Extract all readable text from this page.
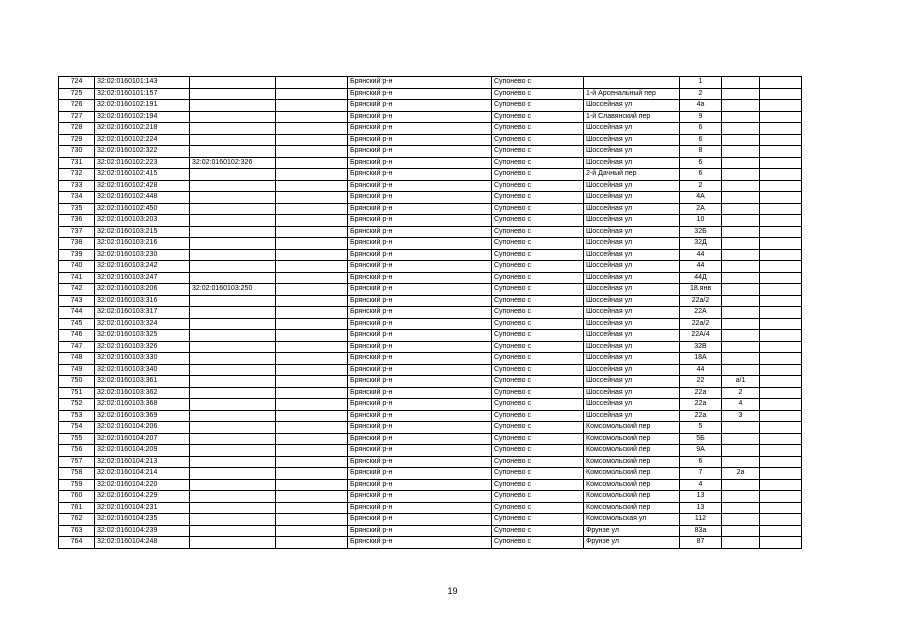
724	32:02:0160101:143			Брянский р-н	Супонево с		1		
725	32:02:0160101:157			Брянский р-н	Супонево с	1-й Арсенальный пер	2		
726	32:02:0160102:191			Брянский р-н	Супонево с	Шоссейная ул	4а		
727	32:02:0160102:194			Брянский р-н	Супонево с	1-й Славянский пер	9		
728	32:02:0160102:218			Брянский р-н	Супонево с	Шоссейная ул	6		
729	32:02:0160102:224			Брянский р-н	Супонево с	Шоссейная ул	6		
730	32:02:0160102:322			Брянский р-н	Супонево с	Шоссейная ул	8		
731	32:02:0160102:223	32:02:0160102:326		Брянский р-н	Супонево с	Шоссейная ул	6		
732	32:02:0160102:415			Брянский р-н	Супонево с	2-й Дачный пер	6		
733	32:02:0160102:428			Брянский р-н	Супонево с	Шоссейная ул	2		
734	32:02:0160102:448			Брянский р-н	Супонево с	Шоссейная ул	4А		
735	32:02:0160102:450			Брянский р-н	Супонево с	Шоссейная ул	2А		
736	32:02:0160103:203			Брянский р-н	Супонево с	Шоссейная ул	10		
737	32:02:0160103:215			Брянский р-н	Супонево с	Шоссейная ул	32Б		
738	32:02:0160103:216			Брянский р-н	Супонево с	Шоссейная ул	32Д		
739	32:02:0160103:230			Брянский р-н	Супонево с	Шоссейная ул	44		
740	32:02:0160103:242			Брянский р-н	Супонево с	Шоссейная ул	44		
741	32:02:0160103:247			Брянский р-н	Супонево с	Шоссейная ул	44Д		
742	32:02:0160103:206	32:02:0160103:250		Брянский р-н	Супонево с	Шоссейная ул	18.янв		
743	32:02:0160103:316			Брянский р-н	Супонево с	Шоссейная ул	22а/2		
744	32:02:0160103:317			Брянский р-н	Супонево с	Шоссейная ул	22А		
745	32:02:0160103:324			Брянский р-н	Супонево с	Шоссейная ул	22а/2		
746	32:02:0160103:325			Брянский р-н	Супонево с	Шоссейная ул	22А/4		
747	32:02:0160103:326			Брянский р-н	Супонево с	Шоссейная ул	32В		
748	32:02:0160103:330			Брянский р-н	Супонево с	Шоссейная ул	18А		
749	32:02:0160103:340			Брянский р-н	Супонево с	Шоссейная ул	44		
750	32:02:0160103:361			Брянский р-н	Супонево с	Шоссейная ул	22	а/1	
751	32:02:0160103:362			Брянский р-н	Супонево с	Шоссейная ул	22а	2	
752	32:02:0160103:368			Брянский р-н	Супонево с	Шоссейная ул	22а	4	
753	32:02:0160103:369			Брянский р-н	Супонево с	Шоссейная ул	22а	3	
754	32:02:0160104:206			Брянский р-н	Супонево с	Комсомольский пер	5		
755	32:02:0160104:207			Брянский р-н	Супонево с	Комсомольский пер	5Б		
756	32:02:0160104:209			Брянский р-н	Супонево с	Комсомольский пер	9А		
757	32:02:0160104:213			Брянский р-н	Супонево с	Комсомольский пер	6		
758	32:02:0160104:214			Брянский р-н	Супонево с	Комсомольский пер	7	2а	
759	32:02:0160104:220			Брянский р-н	Супонево с	Комсомольский пер	4		
760	32:02:0160104:229			Брянский р-н	Супонево с	Комсомольский пер	13		
761	32:02:0160104:231			Брянский р-н	Супонево с	Комсомольский пер	13		
762	32:02:0160104:235			Брянский р-н	Супонево с	Комсомольская ул	112		
763	32:02:0160104:239			Брянский р-н	Супонево с	Фрунзе ул	83а		
764	32:02:0160104:248			Брянский р-н	Супонево с	Фрунзе ул	87		
19
